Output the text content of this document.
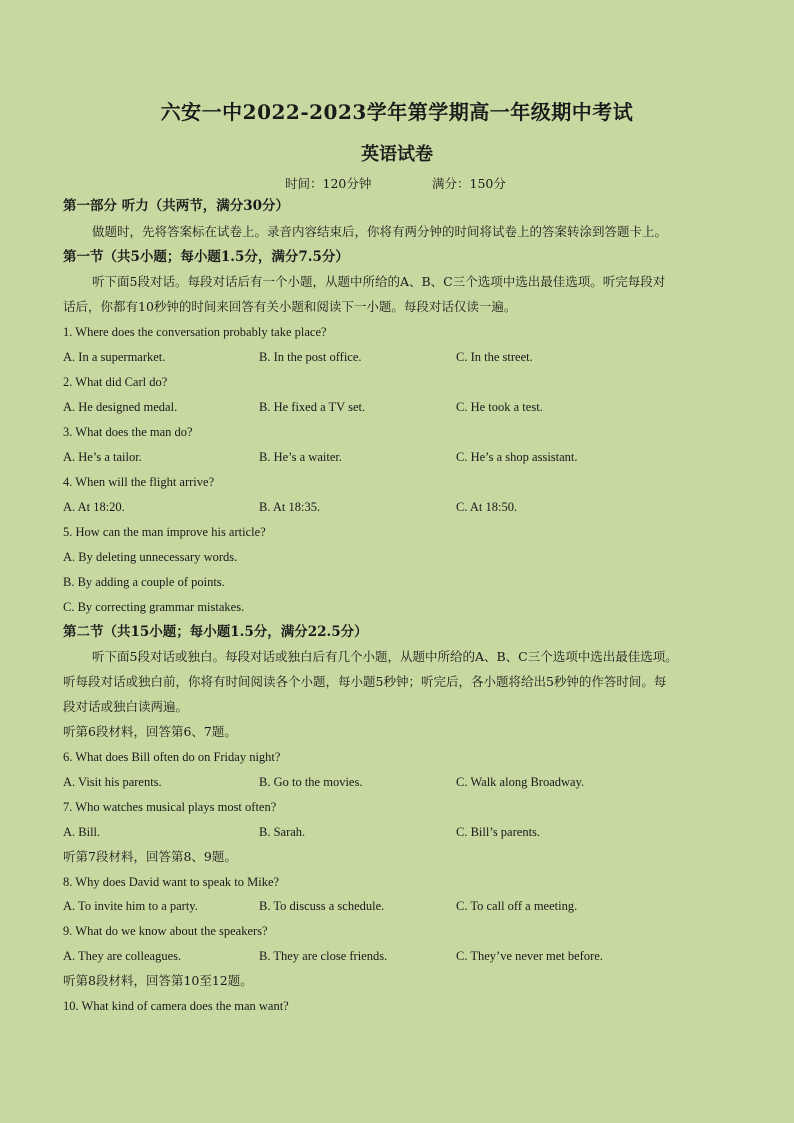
六安一中2022-2023学年第学期高一年级期中考试
英语试卷
时间：120分钟	满分：150分
第一部分 听力（共两节，满分30分）
做题时，先将答案标在试卷上。录音内容结束后，你将有两分钟的时间将试卷上的答案转涂到答题卡上。
第一节（共5小题；每小题1.5分，满分7.5分）
听下面5段对话。每段对话后有一个小题，从题中所给的A、B、C三个选项中选出最佳选项。听完每段对
话后，你都有10秒钟的时间来回答有关小题和阅读下一小题。每段对话仅读一遍。
1. Where does the conversation probably take place?
A. In a supermarket.	B. In the post office.	C. In the street.
2. What did Carl do?
A. He designed medal.	B. He fixed a TV set.	C. He took a test.
3. What does the man do?
A. He’s a tailor.	B. He’s a waiter.	C. He’s a shop assistant.
4. When will the flight arrive?
A. At 18:20.	B. At 18:35.	C. At 18:50.
5. How can the man improve his article?
A. By deleting unnecessary words.
B. By adding a couple of points.
C. By correcting grammar mistakes.
第二节（共15小题；每小题1.5分，满分22.5分）
听下面5段对话或独白。每段对话或独白后有几个小题，从题中所给的A、B、C三个选项中选出最佳选项。
听每段对话或独白前，你将有时间阅读各个小题，每小题5秒钟；听完后，各小题将给出5秒钟的作答时间。每
段对话或独白读两遍。
听第6段材料，回答第6、7题。
6. What does Bill often do on Friday night?
A. Visit his parents.	B. Go to the movies.	C. Walk along Broadway.
7. Who watches musical plays most often?
A. Bill.	B. Sarah.	C. Bill’s parents.
听第7段材料，回答第8、9题。
8. Why does David want to speak to Mike?
A. To invite him to a party.	B. To discuss a schedule.	C. To call off a meeting.
9. What do we know about the speakers?
A. They are colleagues.	B. They are close friends.	C. They’ve never met before.
听第8段材料，回答第10至12题。
10. What kind of camera does the man want?
